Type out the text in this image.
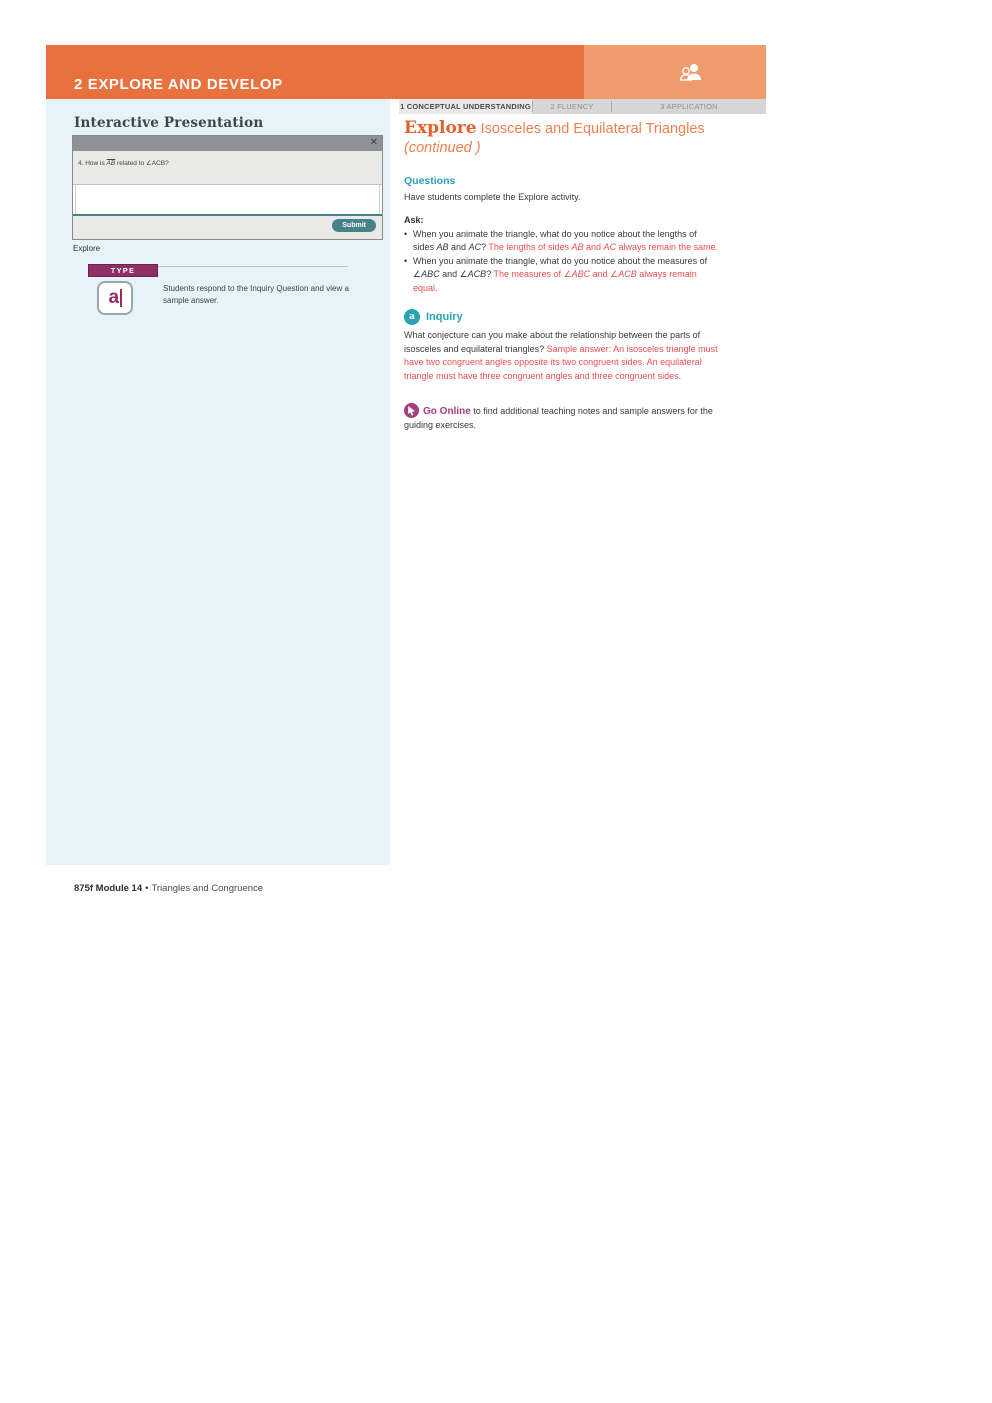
2 EXPLORE AND DEVELOP
1 CONCEPTUAL UNDERSTANDING	2 FLUENCY	3 APPLICATION
Interactive Presentation
✕
4. How is $\overline{AB}$ related to ∠ACB?
Submit
Explore
TYPE
a	Students respond to the Inquiry Question and view a sample answer.
Explore Isosceles and Equilateral Triangles
(continued )
Questions
Have students complete the Explore activity.
Ask:
• When you animate the triangle, what do you notice about the lengths of sides AB and AC? The lengths of sides AB and AC always remain the same.
• When you animate the triangle, what do you notice about the measures of ∠ABC and ∠ACB? The measures of ∠ABC and ∠ACB always remain equal.
a	Inquiry
What conjecture can you make about the relationship between the parts of isosceles and equilateral triangles? Sample answer: An isosceles triangle must have two congruent angles opposite its two congruent sides. An equilateral triangle must have three congruent angles and three congruent sides.
Go Online to find additional teaching notes and sample answers for the guiding exercises.
875f Module 14 • Triangles and Congruence
